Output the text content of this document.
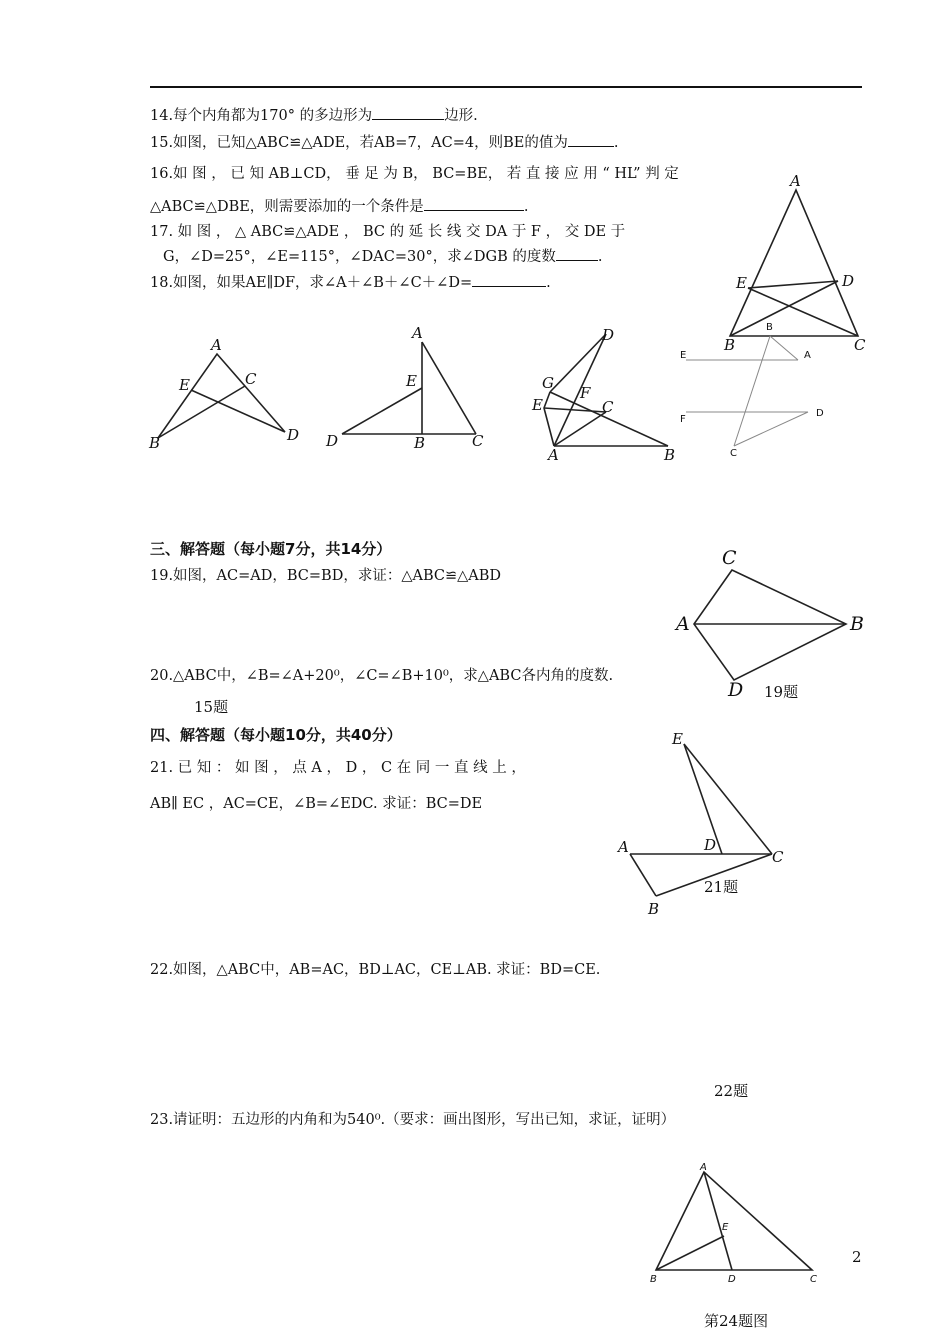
14.每个内角都为170° 的多边形为	边形.
15.如图，已知△ABC≌△ADE，若AB=7，AC=4，则BE的值为	.
16.如 图 ， 已 知 AB⊥CD， 垂 足 为 B， BC=BE， 若 直 接 应 用 “ HL” 判 定
△ABC≌△DBE，则需要添加的一个条件是	.
17. 如 图 ， △ ABC≌△ADE ， BC 的 延 长 线 交 DA 于 F ， 交 DE 于
G，∠D=25°，∠E=115°，∠DAC=30°，求∠DGB 的度数	.
18.如图，如果AE∥DF，求∠A＋∠B＋∠C＋∠D=	.
A
E	D
B	C
A
E	C
B	D
A
E
D	B	C
D
G
F
E	C
A	B
B
E	A
F
D
C
三、解答题（每小题7分，共14分）
19.如图，AC=AD，BC=BD，求证：△ABC≌△ABD
C
A	B
D 19题
20.△ABC中，∠B=∠A+20⁰，∠C=∠B+10⁰，求△ABC各内角的度数.
15题
四、解答题（每小题10分，共40分）
21. 已 知 ： 如 图 ， 点 A ， D ， C 在 同 一 直 线 上 ，
AB∥ EC ，AC=CE，∠B=∠EDC. 求证：BC=DE
E
A	D
C
B
21题
22.如图，△ABC中，AB=AC，BD⊥AC，CE⊥AB. 求证：BD=CE.
22题
23.请证明：五边形的内角和为540⁰.（要求：画出图形，写出已知，求证，证明）
A
E
B	D	C
2
第24题图
